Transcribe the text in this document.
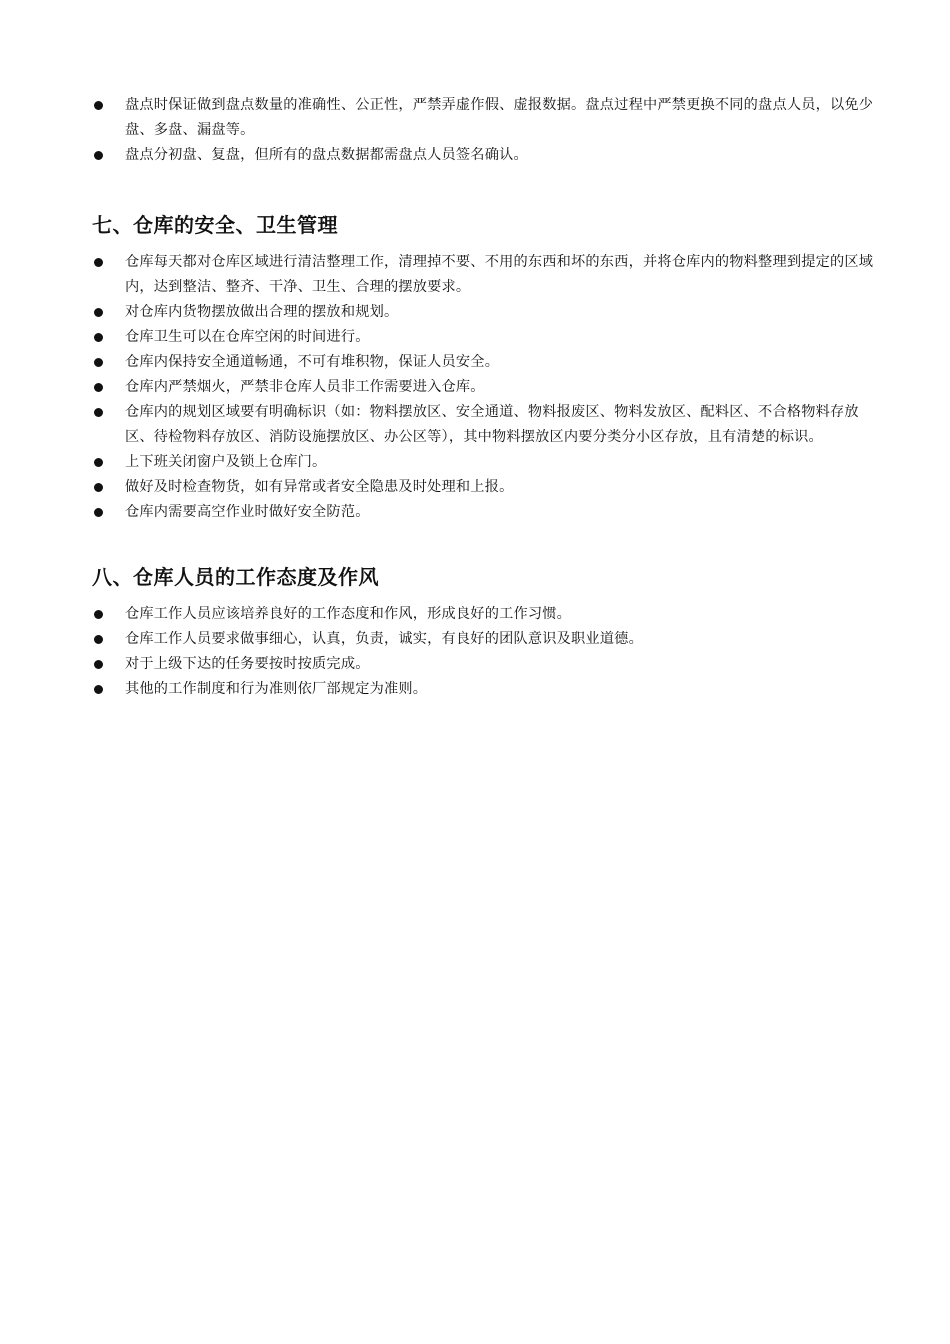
盘点时保证做到盘点数量的准确性、公正性，严禁弄虚作假、虚报数据。盘点过程中严禁更换不同的盘点人员，以免少盘、多盘、漏盘等。
盘点分初盘、复盘，但所有的盘点数据都需盘点人员签名确认。
七、仓库的安全、卫生管理
仓库每天都对仓库区域进行清洁整理工作，清理掉不要、不用的东西和坏的东西，并将仓库内的物料整理到提定的区域内，达到整洁、整齐、干净、卫生、合理的摆放要求。
对仓库内货物摆放做出合理的摆放和规划。
仓库卫生可以在仓库空闲的时间进行。
仓库内保持安全通道畅通，不可有堆积物，保证人员安全。
仓库内严禁烟火，严禁非仓库人员非工作需要进入仓库。
仓库内的规划区域要有明确标识（如：物料摆放区、安全通道、物料报废区、物料发放区、配料区、不合格物料存放区、待检物料存放区、消防设施摆放区、办公区等），其中物料摆放区内要分类分小区存放，且有清楚的标识。
上下班关闭窗户及锁上仓库门。
做好及时检查物货，如有异常或者安全隐患及时处理和上报。
仓库内需要高空作业时做好安全防范。
八、仓库人员的工作态度及作风
仓库工作人员应该培养良好的工作态度和作风，形成良好的工作习惯。
仓库工作人员要求做事细心，认真，负责，诚实，有良好的团队意识及职业道德。
对于上级下达的任务要按时按质完成。
其他的工作制度和行为准则依厂部规定为准则。
